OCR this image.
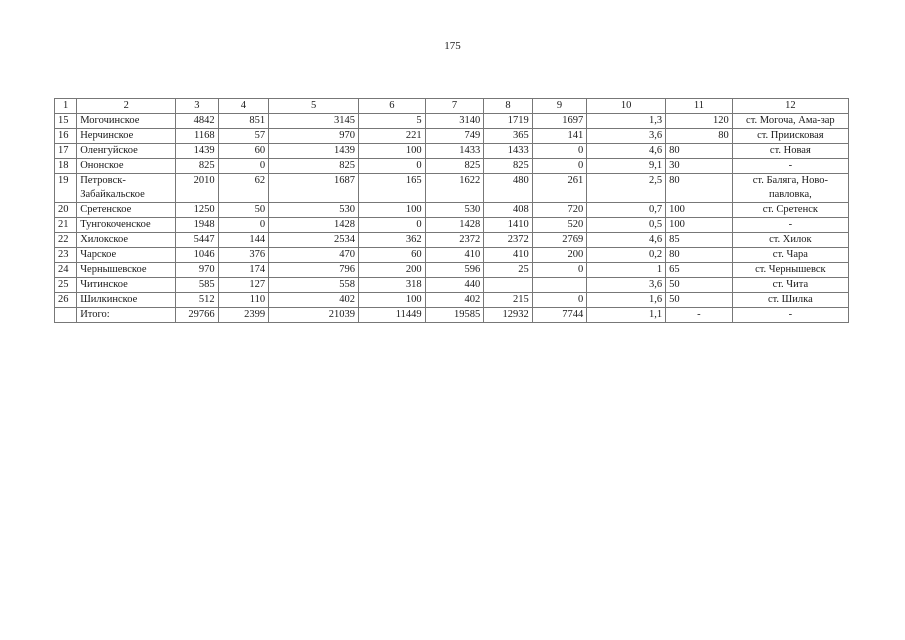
175
1	2	3	4	5	6	7	8	9	10	11	12
15	Могочинское	4842	851	3145	5	3140	1719	1697	1,3	120	ст. Могоча, Ама-зар
16	Нерчинское	1168	57	970	221	749	365	141	3,6	80	ст. Приисковая
17	Оленгуйское	1439	60	1439	100	1433	1433	0	4,6	80	ст. Новая
18	Ононское	825	0	825	0	825	825	0	9,1	30	-
19	Петровск-Забайкальское	2010	62	1687	165	1622	480	261	2,5	80	ст. Баляга, Ново-павловка,
20	Сретенское	1250	50	530	100	530	408	720	0,7	100	ст. Сретенск
21	Тунгокоченское	1948	0	1428	0	1428	1410	520	0,5	100	-
22	Хилокское	5447	144	2534	362	2372	2372	2769	4,6	85	ст. Хилок
23	Чарское	1046	376	470	60	410	410	200	0,2	80	ст. Чара
24	Чернышевское	970	174	796	200	596	25	0	1	65	ст. Чернышевск
25	Читинское	585	127	558	318	440			3,6	50	ст. Чита
26	Шилкинское	512	110	402	100	402	215	0	1,6	50	ст. Шилка
	Итого:	29766	2399	21039	11449	19585	12932	7744	1,1	-	-
